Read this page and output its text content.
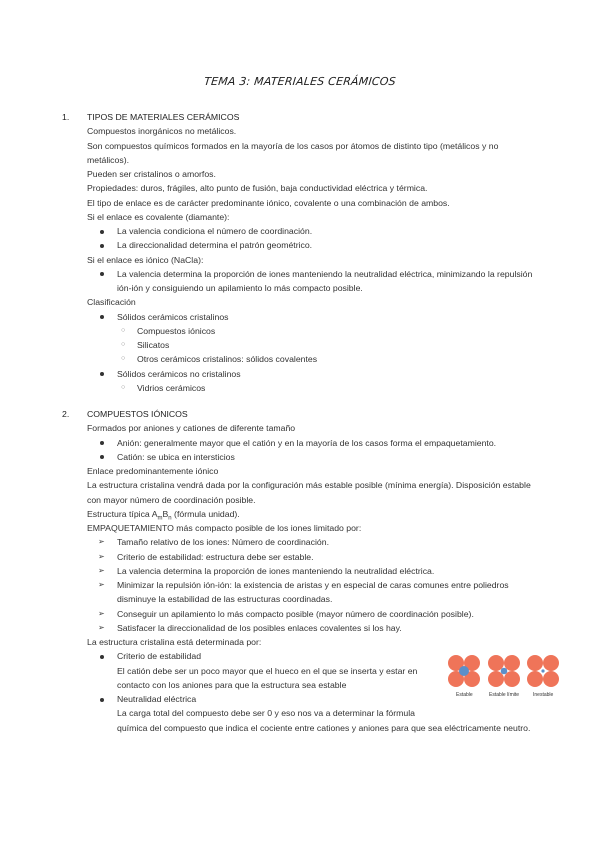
TEMA 3: MATERIALES CERÁMICOS
1. TIPOS DE MATERIALES CERÁMICOS
Compuestos inorgánicos no metálicos.
Son compuestos químicos formados en la mayoría de los casos por átomos de distinto tipo (metálicos y no
metálicos).
Pueden ser cristalinos o amorfos.
Propiedades: duros, frágiles, alto punto de fusión, baja conductividad eléctrica y térmica.
El tipo de enlace es de carácter predominante iónico, covalente o una combinación de ambos.
Si el enlace es covalente (diamante):
La valencia condiciona el número de coordinación.
La direccionalidad determina el patrón geométrico.
Si el enlace es iónico (NaCla):
La valencia determina la proporción de iones manteniendo la neutralidad eléctrica, minimizando la repulsión
ión-ión y consiguiendo un apilamiento lo más compacto posible.
Clasificación
Sólidos cerámicos cristalinos
○ Compuestos iónicos
○ Silicatos
○ Otros cerámicos cristalinos: sólidos covalentes
Sólidos cerámicos no cristalinos
○ Vidrios cerámicos
2. COMPUESTOS IÓNICOS
Formados por aniones y cationes de diferente tamaño
Anión: generalmente mayor que el catión y en la mayoría de los casos forma el empaquetamiento.
Catión: se ubica en intersticios
Enlace predominantemente iónico
La estructura cristalina vendrá dada por la configuración más estable posible (mínima energía). Disposición estable
con mayor número de coordinación posible.
Estructura típica $A_mB_n$ (fórmula unidad).
EMPAQUETAMIENTO más compacto posible de los iones limitado por:
➢ Tamaño relativo de los iones: Número de coordinación.
➢ Criterio de estabilidad: estructura debe ser estable.
➢ La valencia determina la proporción de iones manteniendo la neutralidad eléctrica.
➢ Minimizar la repulsión ión-ión: la existencia de aristas y en especial de caras comunes entre poliedros
disminuye la estabilidad de las estructuras coordinadas.
➢ Conseguir un apilamiento lo más compacto posible (mayor número de coordinación posible).
➢ Satisfacer la direccionalidad de los posibles enlaces covalentes si los hay.
La estructura cristalina está determinada por:
Criterio de estabilidad
El catión debe ser un poco mayor que el hueco en el que se inserta y estar en
contacto con los aniones para que la estructura sea estable
Neutralidad eléctrica
La carga total del compuesto debe ser 0 y eso nos va a determinar la fórmula
química del compuesto que indica el cociente entre cationes y aniones para que sea eléctricamente neutro.
Estable	Estable límite	Inestable
